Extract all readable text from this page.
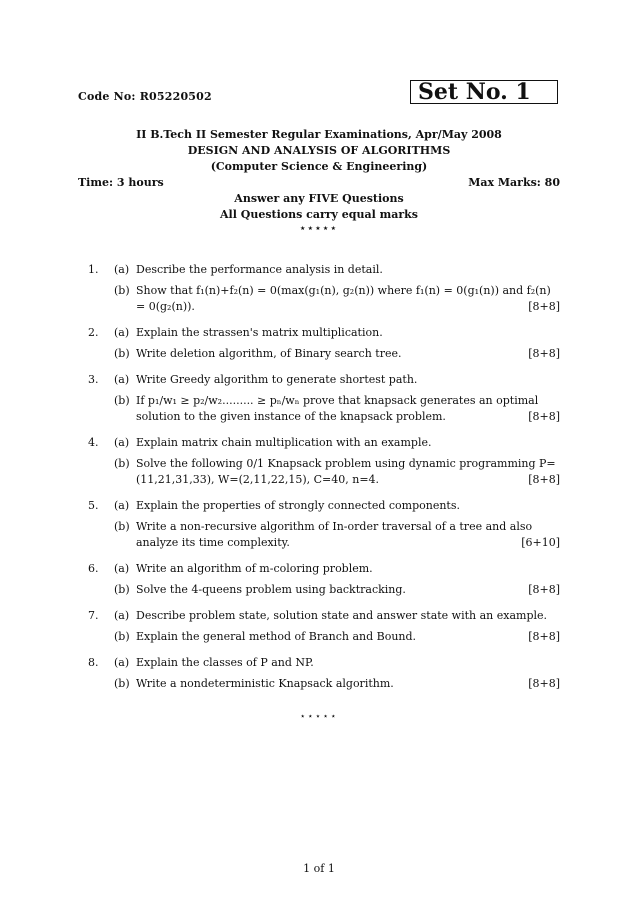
Code No: R05220502	Set No. 1
II B.Tech II Semester Regular Examinations, Apr/May 2008
DESIGN AND ANALYSIS OF ALGORITHMS
(Computer Science & Engineering)
Time: 3 hours	Max Marks: 80
Answer any FIVE Questions
All Questions carry equal marks
⋆⋆⋆⋆⋆
1. (a) Describe the performance analysis in detail.
(b) Show that f₁(n)+f₂(n) = 0(max(g₁(n), g₂(n)) where f₁(n) = 0(g₁(n)) and f₂(n) = 0(g₂(n)).	[8+8]
2. (a) Explain the strassen's matrix multiplication.
(b) Write deletion algorithm, of Binary search tree.	[8+8]
3. (a) Write Greedy algorithm to generate shortest path.
(b) If p₁/w₁ ≥ p₂/w₂......... ≥ pₙ/wₙ prove that knapsack generates an optimal solution to the given instance of the knapsack problem.	[8+8]
4. (a) Explain matrix chain multiplication with an example.
(b) Solve the following 0/1 Knapsack problem using dynamic programming P=(11,21,31,33), W=(2,11,22,15), C=40, n=4.	[8+8]
5. (a) Explain the properties of strongly connected components.
(b) Write a non-recursive algorithm of In-order traversal of a tree and also analyze its time complexity.	[6+10]
6. (a) Write an algorithm of m-coloring problem.
(b) Solve the 4-queens problem using backtracking.	[8+8]
7. (a) Describe problem state, solution state and answer state with an example.
(b) Explain the general method of Branch and Bound.	[8+8]
8. (a) Explain the classes of P and NP.
(b) Write a nondeterministic Knapsack algorithm.	[8+8]
⋆⋆⋆⋆⋆
1 of 1
